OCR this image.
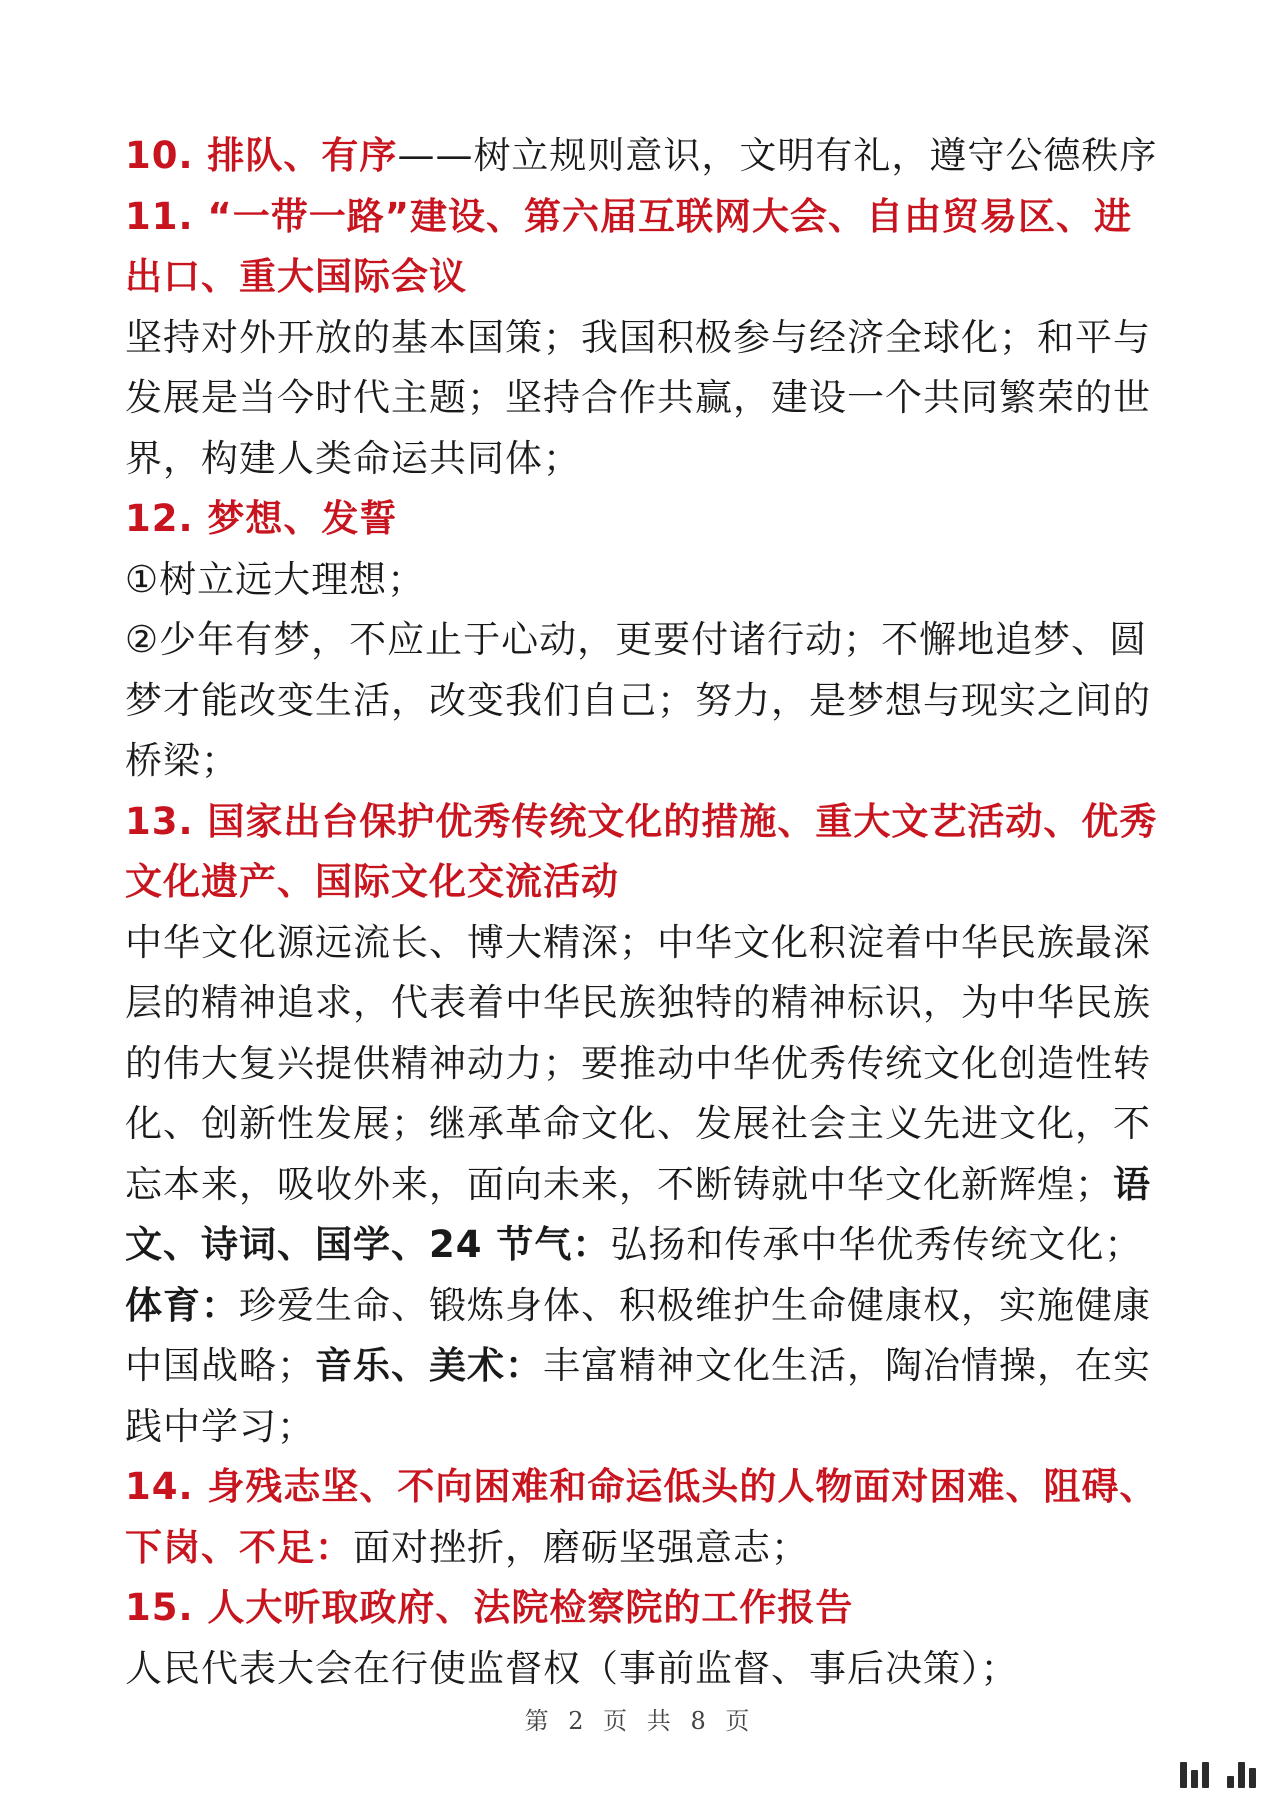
10. 排队、有序——树立规则意识，文明有礼，遵守公德秩序
11. “一带一路”建设、第六届互联网大会、自由贸易区、进
出口、重大国际会议
坚持对外开放的基本国策；我国积极参与经济全球化；和平与
发展是当今时代主题；坚持合作共赢，建设一个共同繁荣的世
界，构建人类命运共同体；
12. 梦想、发誓
①树立远大理想；
②少年有梦，不应止于心动，更要付诸行动；不懈地追梦、圆
梦才能改变生活，改变我们自己；努力，是梦想与现实之间的
桥梁；
13. 国家出台保护优秀传统文化的措施、重大文艺活动、优秀
文化遗产、国际文化交流活动
中华文化源远流长、博大精深；中华文化积淀着中华民族最深
层的精神追求，代表着中华民族独特的精神标识，为中华民族
的伟大复兴提供精神动力；要推动中华优秀传统文化创造性转
化、创新性发展；继承革命文化、发展社会主义先进文化，不
忘本来，吸收外来，面向未来，不断铸就中华文化新辉煌；语
文、诗词、国学、24 节气：弘扬和传承中华优秀传统文化；
体育：珍爱生命、锻炼身体、积极维护生命健康权，实施健康
中国战略；音乐、美术：丰富精神文化生活，陶冶情操，在实
践中学习；
14. 身残志坚、不向困难和命运低头的人物面对困难、阻碍、
下岗、不足：面对挫折，磨砺坚强意志；
15. 人大听取政府、法院检察院的工作报告
人民代表大会在行使监督权（事前监督、事后决策）；
第 2 页 共 8 页
